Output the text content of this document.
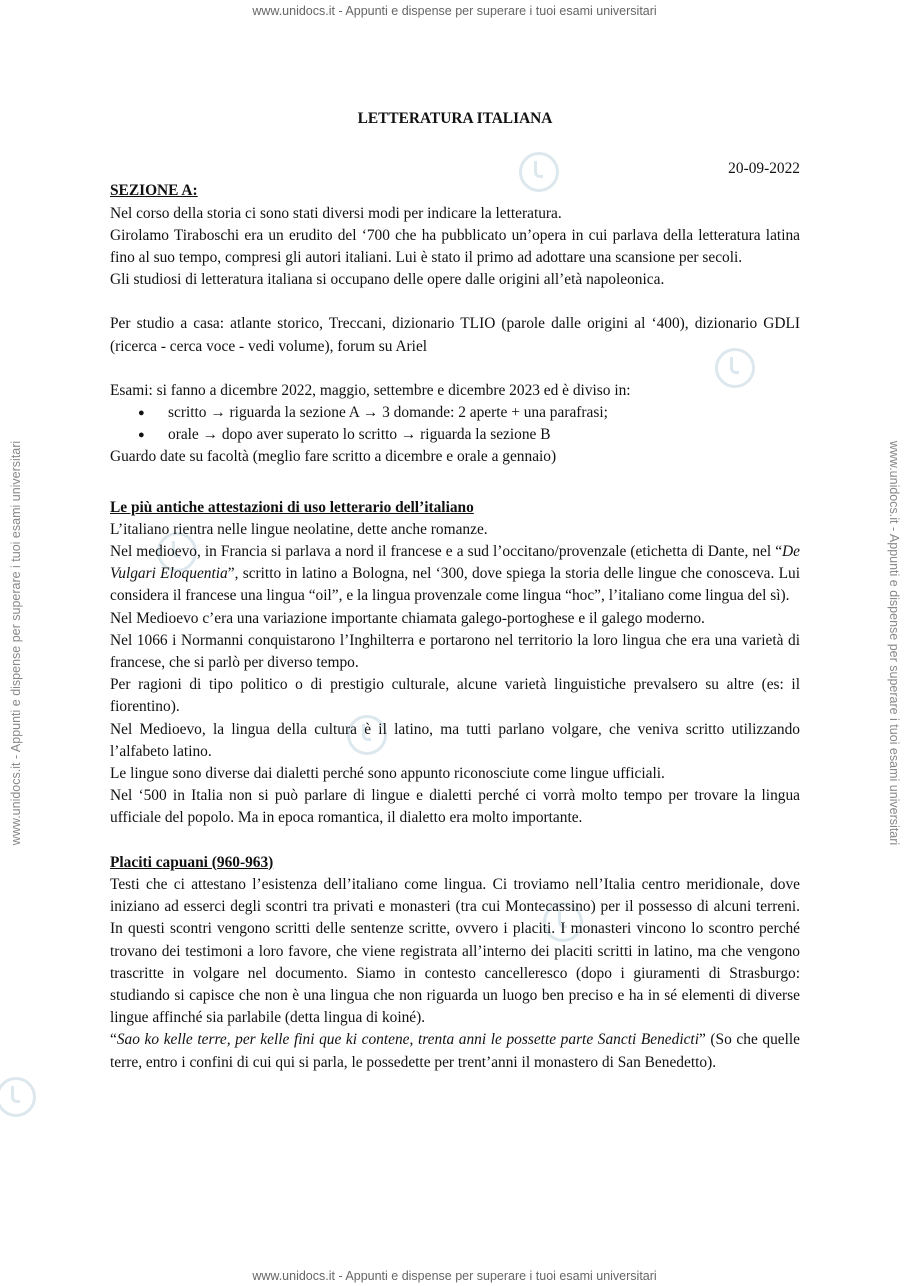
www.unidocs.it - Appunti e dispense per superare i tuoi esami universitari
www.unidocs.it - Appunti e dispense per superare i tuoi esami universitari
www.unidocs.it - Appunti e dispense per superare i tuoi esami universitari	www.unidocs.it - Appunti e dispense per superare i tuoi esami universitari

LETTERATURA ITALIANA

20-09-2022

SEZIONE A:

Nel corso della storia ci sono stati diversi modi per indicare la letteratura.

Girolamo Tiraboschi era un erudito del ‘700 che ha pubblicato un’opera in cui parlava della letteratura latina fino al suo tempo, compresi gli autori italiani. Lui è stato il primo ad adottare una scansione per secoli.

Gli studiosi di letteratura italiana si occupano delle opere dalle origini all’età napoleonica.

Per studio a casa: atlante storico, Treccani, dizionario TLIO (parole dalle origini al ‘400), dizionario GDLI (ricerca - cerca voce - vedi volume), forum su Ariel

Esami: si fanno a dicembre 2022, maggio, settembre e dicembre 2023 ed è diviso in:

● scritto → riguarda la sezione A → 3 domande: 2 aperte + una parafrasi;
● orale → dopo aver superato lo scritto → riguarda la sezione B

Guardo date su facoltà (meglio fare scritto a dicembre e orale a gennaio)

Le più antiche attestazioni di uso letterario dell’italiano

L’italiano rientra nelle lingue neolatine, dette anche romanze.

Nel medioevo, in Francia si parlava a nord il francese e a sud l’occitano/provenzale (etichetta di Dante, nel “De Vulgari Eloquentia”, scritto in latino a Bologna, nel ‘300, dove spiega la storia delle lingue che conosceva. Lui considera il francese una lingua “oil”, e la lingua provenzale come lingua “hoc”, l’italiano come lingua del sì).

Nel Medioevo c’era una variazione importante chiamata galego-portoghese e il galego moderno.

Nel 1066 i Normanni conquistarono l’Inghilterra e portarono nel territorio la loro lingua che era una varietà di francese, che si parlò per diverso tempo.

Per ragioni di tipo politico o di prestigio culturale, alcune varietà linguistiche prevalsero su altre (es: il fiorentino).

Nel Medioevo, la lingua della cultura è il latino, ma tutti parlano volgare, che veniva scritto utilizzando l’alfabeto latino.

Le lingue sono diverse dai dialetti perché sono appunto riconosciute come lingue ufficiali.

Nel ‘500 in Italia non si può parlare di lingue e dialetti perché ci vorrà molto tempo per trovare la lingua ufficiale del popolo. Ma in epoca romantica, il dialetto era molto importante.

Placiti capuani (960-963)

Testi che ci attestano l’esistenza dell’italiano come lingua. Ci troviamo nell’Italia centro meridionale, dove iniziano ad esserci degli scontri tra privati e monasteri (tra cui Montecassino) per il possesso di alcuni terreni. In questi scontri vengono scritti delle sentenze scritte, ovvero i placiti. I monasteri vincono lo scontro perché trovano dei testimoni a loro favore, che viene registrata all’interno dei placiti scritti in latino, ma che vengono trascritte in volgare nel documento. Siamo in contesto cancelleresco (dopo i giuramenti di Strasburgo: studiando si capisce che non è una lingua che non riguarda un luogo ben preciso e ha in sé elementi di diverse lingue affinché sia parlabile (detta lingua di koiné).

“Sao ko kelle terre, per kelle fini que ki contene, trenta anni le possette parte Sancti Benedicti” (So che quelle terre, entro i confini di cui qui si parla, le possedette per trent’anni il monastero di San Benedetto).
